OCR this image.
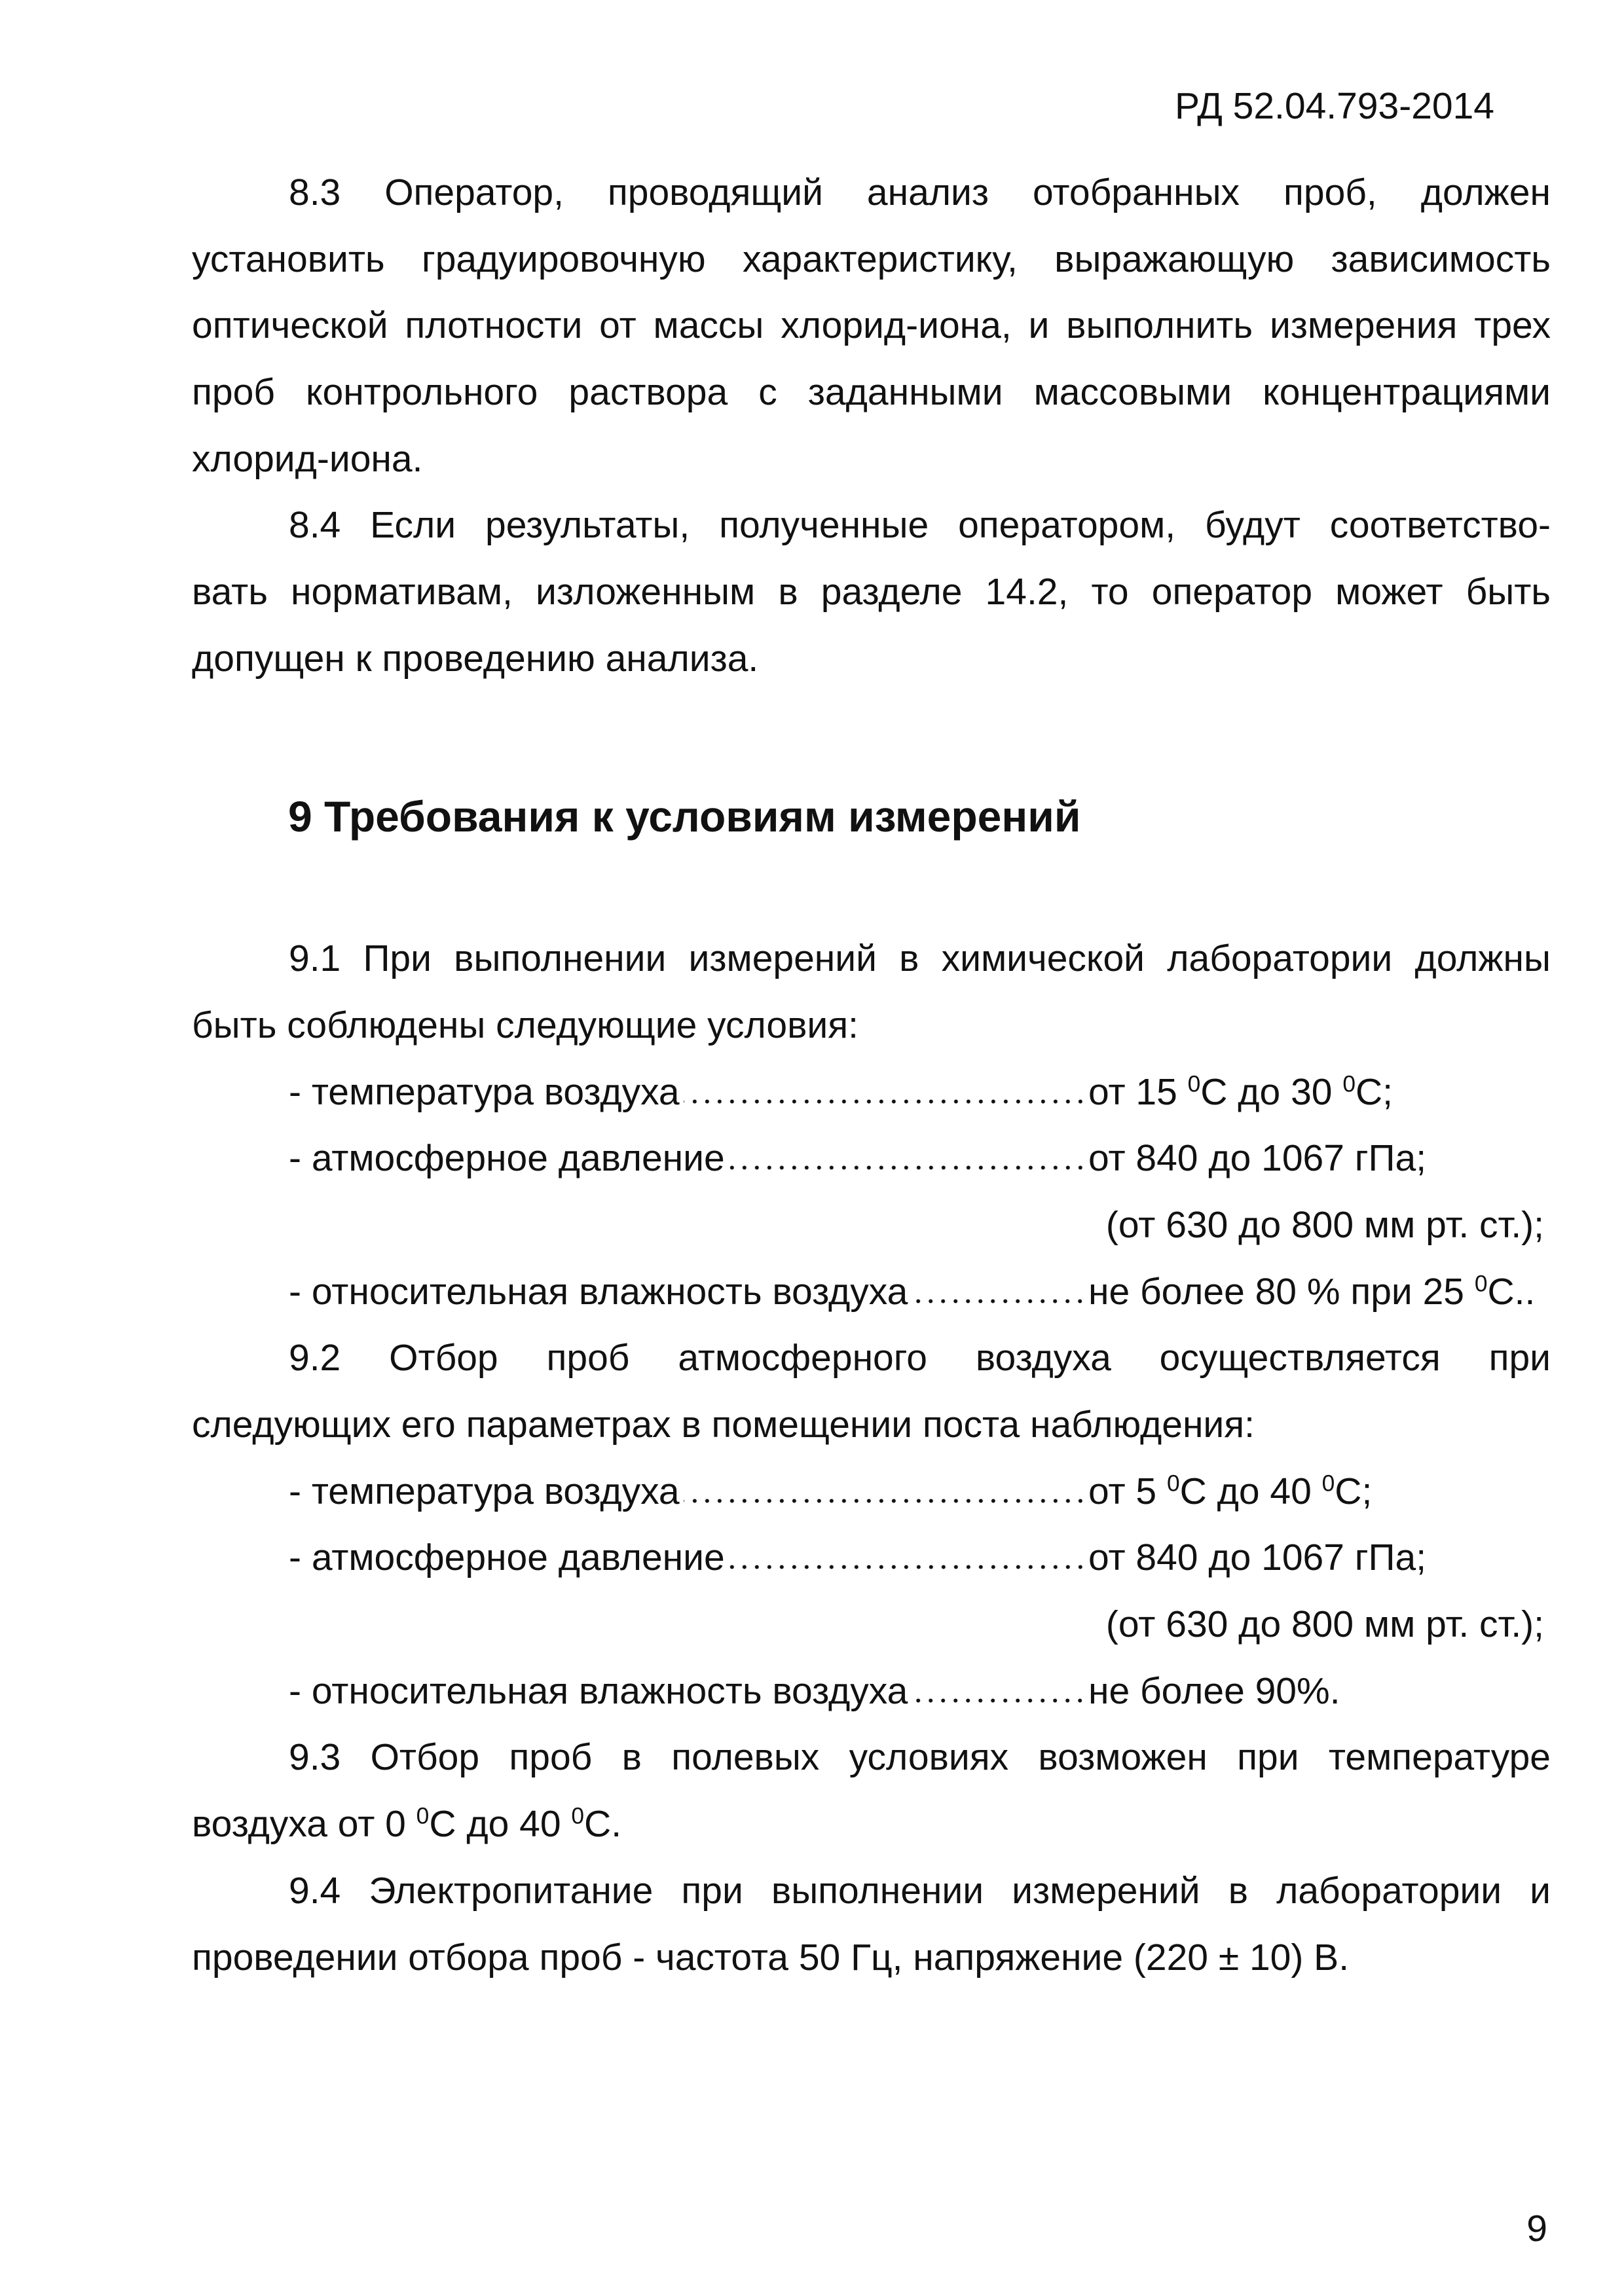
РД 52.04.793-2014
8.3 Оператор, проводящий анализ отобранных проб, должен
установить градуировочную характеристику, выражающую зависимость
оптической плотности от массы хлорид-иона, и выполнить измерения трех
проб контрольного раствора с заданными массовыми концентрациями
хлорид-иона.
8.4 Если результаты, полученные оператором, будут соответство-
вать нормативам, изложенным в разделе 14.2, то оператор может быть
допущен к проведению анализа.
9 Требования к условиям измерений
9.1 При выполнении измерений в химической лаборатории должны
быть соблюдены следующие условия:
- температура воздуха	от 15 $^0$C до 30 $^0$C;
- атмосферное давление	от 840 до 1067 гПа;
(от 630 до 800 мм рт. ст.);
- относительная влажность воздуха	не более 80 % при 25 $^0$C..
9.2 Отбор проб атмосферного воздуха осуществляется при
следующих его параметрах в помещении поста наблюдения:
- температура воздуха	от 5 $^0$C до 40 $^0$C;
- атмосферное давление	от 840 до 1067 гПа;
(от 630 до 800 мм рт. ст.);
- относительная влажность воздуха	не более 90%.
9.3 Отбор проб в полевых условиях возможен при температуре
воздуха от 0 $^0$C до 40 $^0$C.
9.4 Электропитание при выполнении измерений в лаборатории и
проведении отбора проб - частота 50 Гц, напряжение (220 ± 10) В.
9
